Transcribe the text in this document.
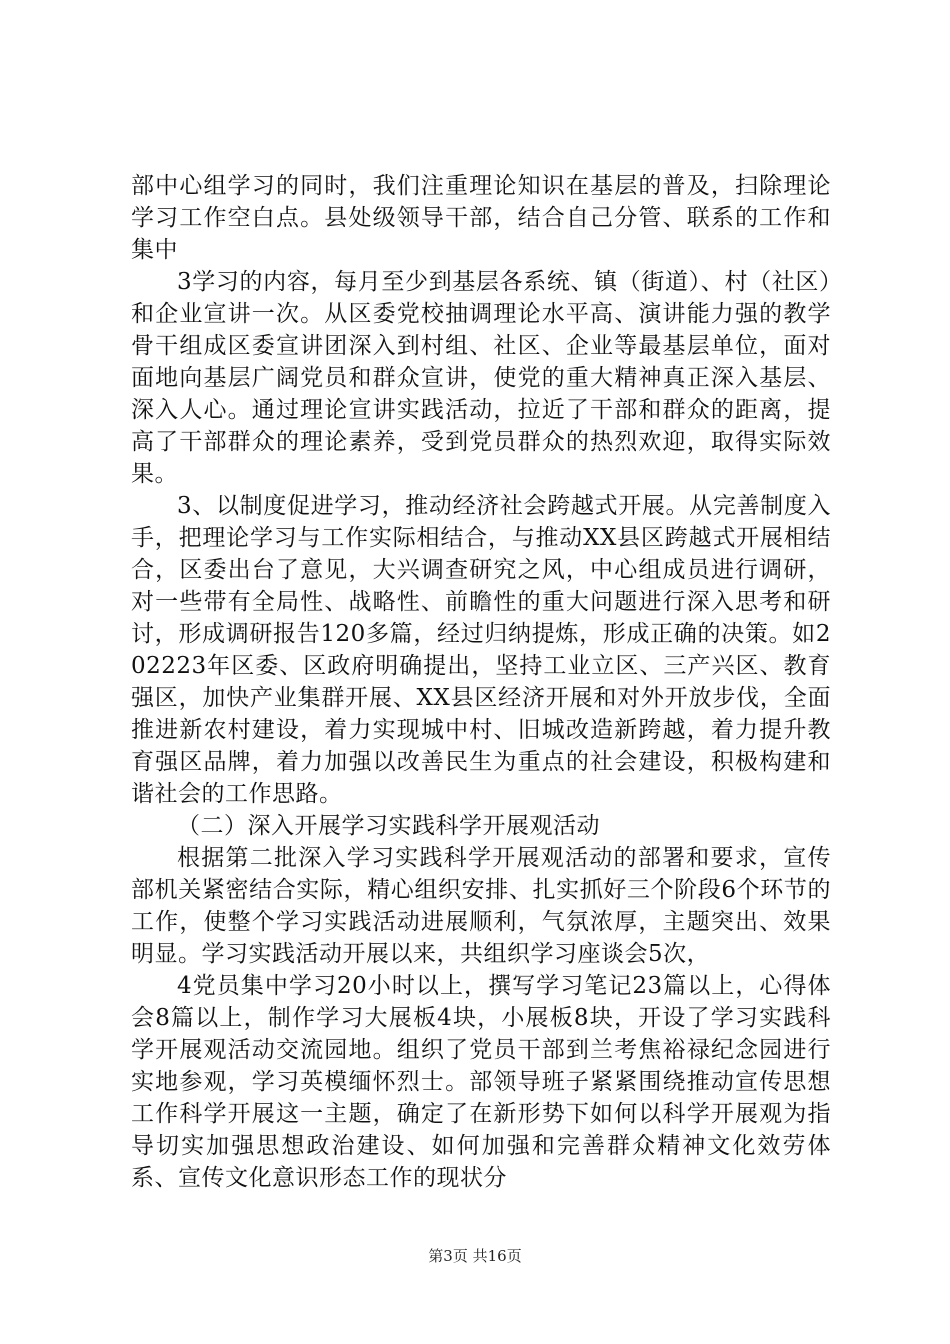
部中心组学习的同时，我们注重理论知识在基层的普及，扫除理论学习工作空白点。县处级领导干部，结合自己分管、联系的工作和集中

3学习的内容，每月至少到基层各系统、镇（街道）、村（社区）和企业宣讲一次。从区委党校抽调理论水平高、演讲能力强的教学骨干组成区委宣讲团深入到村组、社区、企业等最基层单位，面对面地向基层广阔党员和群众宣讲，使党的重大精神真正深入基层、深入人心。通过理论宣讲实践活动，拉近了干部和群众的距离，提高了干部群众的理论素养，受到党员群众的热烈欢迎，取得实际效果。

3、以制度促进学习，推动经济社会跨越式开展。从完善制度入手，把理论学习与工作实际相结合，与推动XX县区跨越式开展相结合，区委出台了意见，大兴调查研究之风，中心组成员进行调研，对一些带有全局性、战略性、前瞻性的重大问题进行深入思考和研讨，形成调研报告120多篇，经过归纳提炼，形成正确的决策。如202223年区委、区政府明确提出，坚持工业立区、三产兴区、教育强区，加快产业集群开展、XX县区经济开展和对外开放步伐，全面推进新农村建设，着力实现城中村、旧城改造新跨越，着力提升教育强区品牌，着力加强以改善民生为重点的社会建设，积极构建和谐社会的工作思路。

（二）深入开展学习实践科学开展观活动

根据第二批深入学习实践科学开展观活动的部署和要求，宣传部机关紧密结合实际，精心组织安排、扎实抓好三个阶段6个环节的工作，使整个学习实践活动进展顺利，气氛浓厚，主题突出、效果明显。学习实践活动开展以来，共组织学习座谈会5次，

4党员集中学习20小时以上，撰写学习笔记23篇以上，心得体会8篇以上，制作学习大展板4块，小展板8块，开设了学习实践科学开展观活动交流园地。组织了党员干部到兰考焦裕禄纪念园进行实地参观，学习英模缅怀烈士。部领导班子紧紧围绕推动宣传思想工作科学开展这一主题，确定了在新形势下如何以科学开展观为指导切实加强思想政治建设、如何加强和完善群众精神文化效劳体系、宣传文化意识形态工作的现状分

第3页 共16页
